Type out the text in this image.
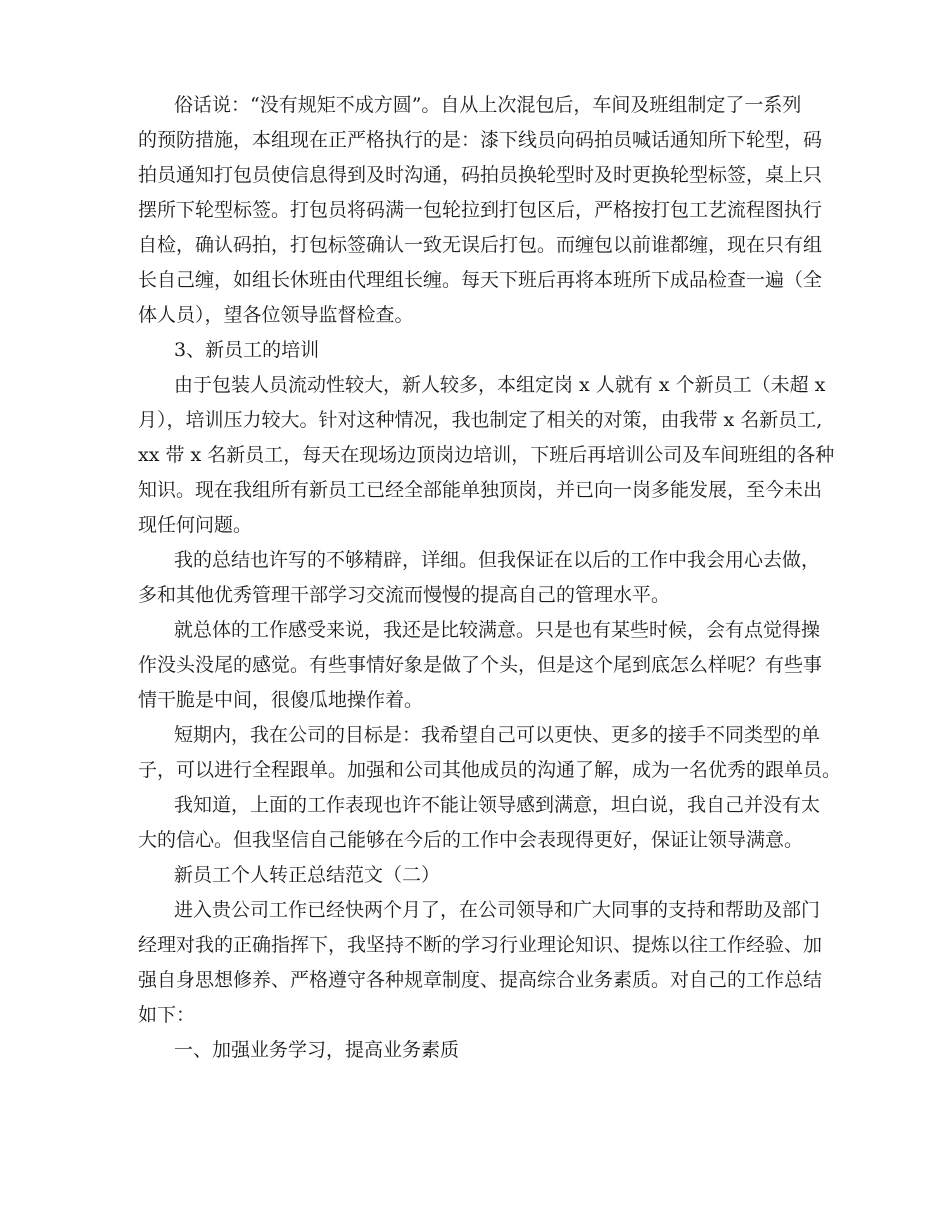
俗话说：“没有规矩不成方圆”。自从上次混包后，车间及班组制定了一系列
的预防措施，本组现在正严格执行的是：漆下线员向码拍员喊话通知所下轮型，码
拍员通知打包员使信息得到及时沟通，码拍员换轮型时及时更换轮型标签，桌上只
摆所下轮型标签。打包员将码满一包轮拉到打包区后，严格按打包工艺流程图执行
自检，确认码拍，打包标签确认一致无误后打包。而缠包以前谁都缠，现在只有组
长自己缠，如组长休班由代理组长缠。每天下班后再将本班所下成品检查一遍（全
体人员），望各位领导监督检查。
3、新员工的培训
由于包装人员流动性较大，新人较多，本组定岗 x 人就有 x 个新员工（未超 x
月），培训压力较大。针对这种情况，我也制定了相关的对策，由我带 x 名新员工,
xx 带 x 名新员工，每天在现场边顶岗边培训，下班后再培训公司及车间班组的各种
知识。现在我组所有新员工已经全部能单独顶岗，并已向一岗多能发展，至今未出
现任何问题。
我的总结也许写的不够精辟，详细。但我保证在以后的工作中我会用心去做，
多和其他优秀管理干部学习交流而慢慢的提高自己的管理水平。
就总体的工作感受来说，我还是比较满意。只是也有某些时候，会有点觉得操
作没头没尾的感觉。有些事情好象是做了个头，但是这个尾到底怎么样呢？有些事
情干脆是中间，很傻瓜地操作着。
短期内，我在公司的目标是：我希望自己可以更快、更多的接手不同类型的单
子，可以进行全程跟单。加强和公司其他成员的沟通了解，成为一名优秀的跟单员。
我知道，上面的工作表现也许不能让领导感到满意，坦白说，我自己并没有太
大的信心。但我坚信自己能够在今后的工作中会表现得更好，保证让领导满意。
新员工个人转正总结范文（二）
进入贵公司工作已经快两个月了，在公司领导和广大同事的支持和帮助及部门
经理对我的正确指挥下，我坚持不断的学习行业理论知识、提炼以往工作经验、加
强自身思想修养、严格遵守各种规章制度、提高综合业务素质。对自己的工作总结
如下：
一、加强业务学习，提高业务素质
